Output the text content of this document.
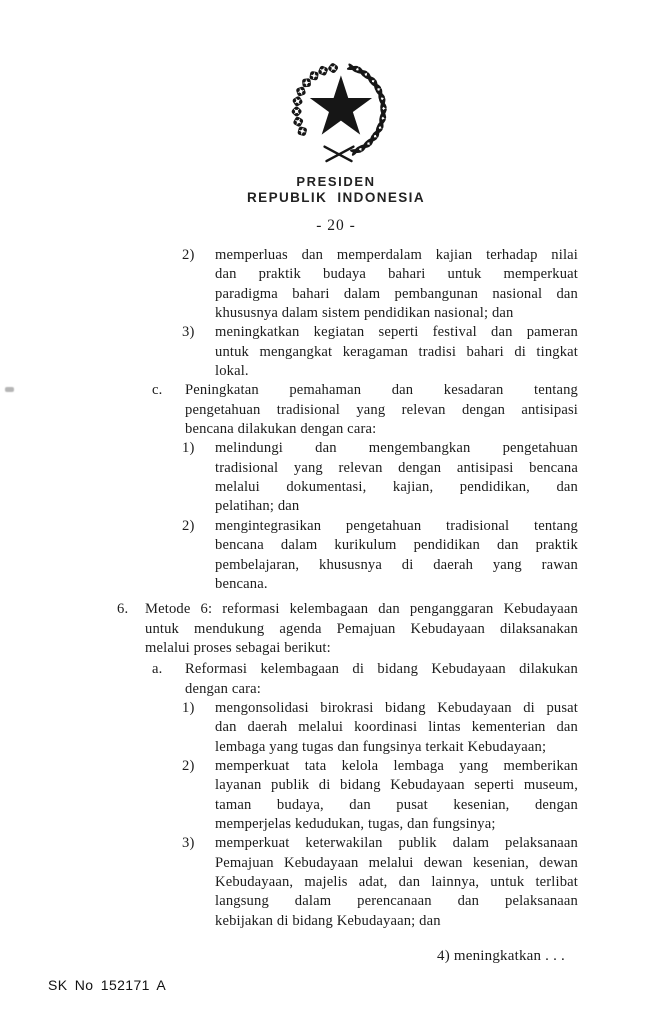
PRESIDEN
REPUBLIK INDONESIA
- 20 -
2)	memperluas dan memperdalam kajian terhadap nilai
dan praktik budaya bahari untuk memperkuat
paradigma bahari dalam pembangunan nasional dan
khususnya dalam sistem pendidikan nasional; dan
3)	meningkatkan kegiatan seperti festival dan pameran
untuk mengangkat keragaman tradisi bahari di tingkat
lokal.
c.	Peningkatan pemahaman dan kesadaran tentang
pengetahuan tradisional yang relevan dengan antisipasi
bencana dilakukan dengan cara:
1)	melindungi dan mengembangkan pengetahuan
tradisional yang relevan dengan antisipasi bencana
melalui dokumentasi, kajian, pendidikan, dan
pelatihan; dan
2)	mengintegrasikan pengetahuan tradisional tentang
bencana dalam kurikulum pendidikan dan praktik
pembelajaran, khususnya di daerah yang rawan
bencana.
6.	Metode 6: reformasi kelembagaan dan penganggaran Kebudayaan
untuk mendukung agenda Pemajuan Kebudayaan dilaksanakan
melalui proses sebagai berikut:
a.	Reformasi kelembagaan di bidang Kebudayaan dilakukan
dengan cara:
1)	mengonsolidasi birokrasi bidang Kebudayaan di pusat
dan daerah melalui koordinasi lintas kementerian dan
lembaga yang tugas dan fungsinya terkait Kebudayaan;
2)	memperkuat tata kelola lembaga yang memberikan
layanan publik di bidang Kebudayaan seperti museum,
taman budaya, dan pusat kesenian, dengan
memperjelas kedudukan, tugas, dan fungsinya;
3)	memperkuat keterwakilan publik dalam pelaksanaan
Pemajuan Kebudayaan melalui dewan kesenian, dewan
Kebudayaan, majelis adat, dan lainnya, untuk terlibat
langsung dalam perencanaan dan pelaksanaan
kebijakan di bidang Kebudayaan; dan
4) meningkatkan . . .
SK No 152171 A
